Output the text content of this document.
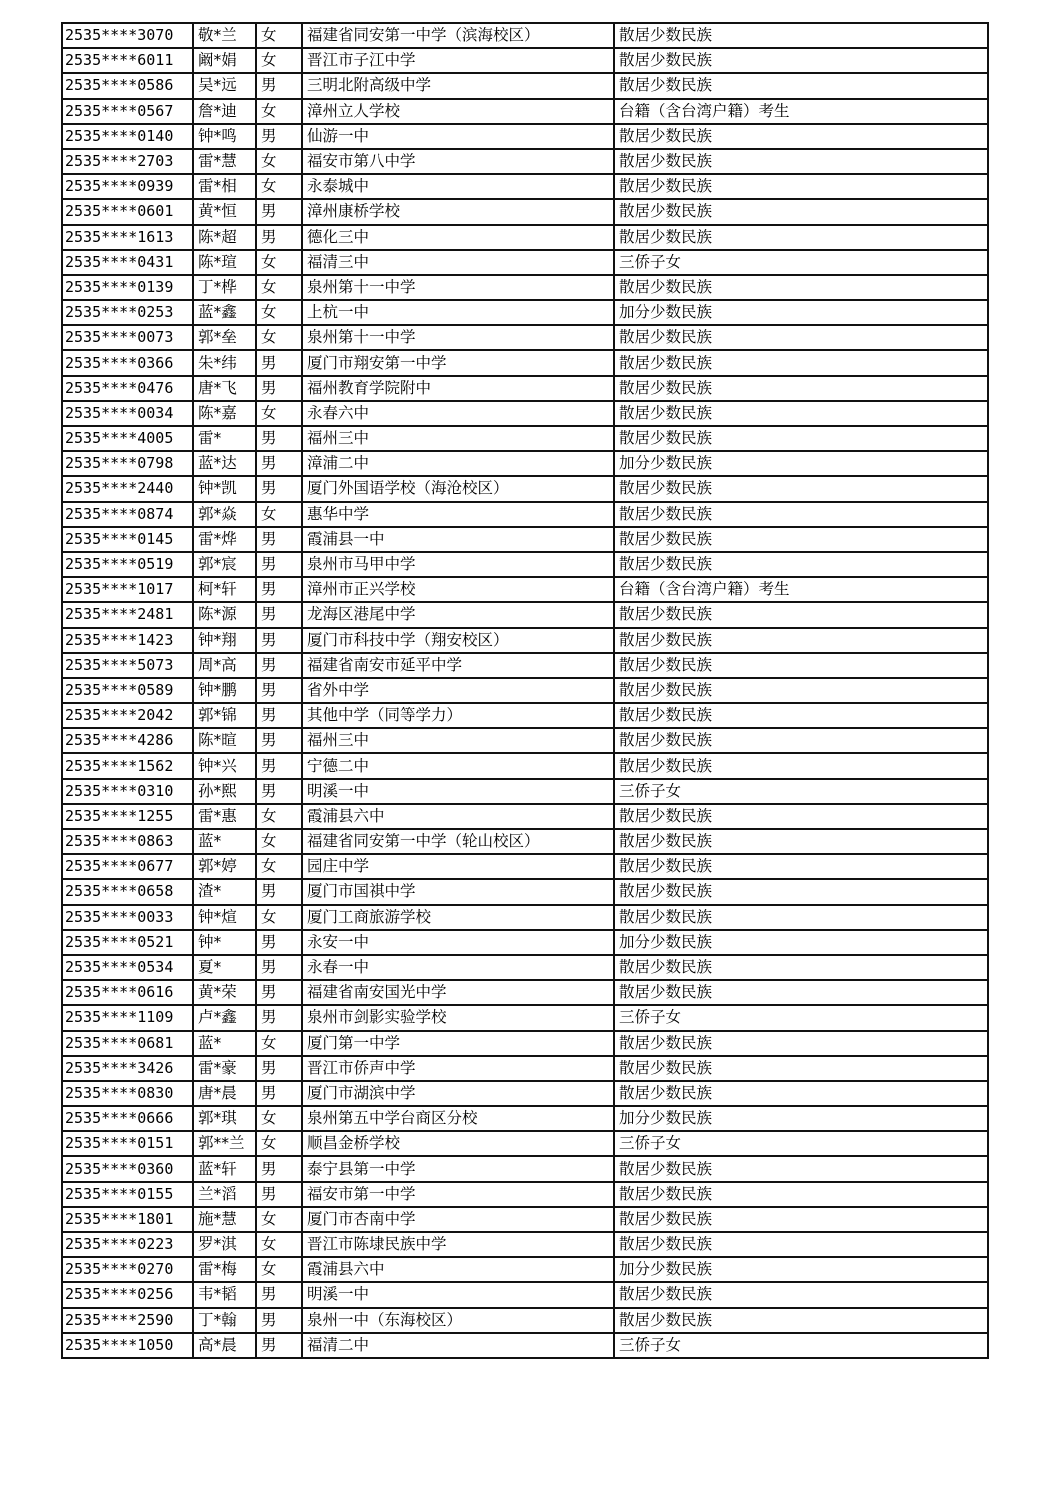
2535****3070	敬*兰	女	福建省同安第一中学（滨海校区）	散居少数民族
2535****6011	阚*娟	女	晋江市子江中学	散居少数民族
2535****0586	吴*远	男	三明北附高级中学	散居少数民族
2535****0567	詹*迪	女	漳州立人学校	台籍（含台湾户籍）考生
2535****0140	钟*鸣	男	仙游一中	散居少数民族
2535****2703	雷*慧	女	福安市第八中学	散居少数民族
2535****0939	雷*相	女	永泰城中	散居少数民族
2535****0601	黄*恒	男	漳州康桥学校	散居少数民族
2535****1613	陈*超	男	德化三中	散居少数民族
2535****0431	陈*瑄	女	福清三中	三侨子女
2535****0139	丁*桦	女	泉州第十一中学	散居少数民族
2535****0253	蓝*鑫	女	上杭一中	加分少数民族
2535****0073	郭*垒	女	泉州第十一中学	散居少数民族
2535****0366	朱*纬	男	厦门市翔安第一中学	散居少数民族
2535****0476	唐*飞	男	福州教育学院附中	散居少数民族
2535****0034	陈*嘉	女	永春六中	散居少数民族
2535****4005	雷*	男	福州三中	散居少数民族
2535****0798	蓝*达	男	漳浦二中	加分少数民族
2535****2440	钟*凯	男	厦门外国语学校（海沧校区）	散居少数民族
2535****0874	郭*焱	女	惠华中学	散居少数民族
2535****0145	雷*烨	男	霞浦县一中	散居少数民族
2535****0519	郭*宸	男	泉州市马甲中学	散居少数民族
2535****1017	柯*轩	男	漳州市正兴学校	台籍（含台湾户籍）考生
2535****2481	陈*源	男	龙海区港尾中学	散居少数民族
2535****1423	钟*翔	男	厦门市科技中学（翔安校区）	散居少数民族
2535****5073	周*高	男	福建省南安市延平中学	散居少数民族
2535****0589	钟*鹏	男	省外中学	散居少数民族
2535****2042	郭*锦	男	其他中学（同等学力）	散居少数民族
2535****4286	陈*暄	男	福州三中	散居少数民族
2535****1562	钟*兴	男	宁德二中	散居少数民族
2535****0310	孙*熙	男	明溪一中	三侨子女
2535****1255	雷*惠	女	霞浦县六中	散居少数民族
2535****0863	蓝*	女	福建省同安第一中学（轮山校区）	散居少数民族
2535****0677	郭*婷	女	园庄中学	散居少数民族
2535****0658	渣*	男	厦门市国祺中学	散居少数民族
2535****0033	钟*煊	女	厦门工商旅游学校	散居少数民族
2535****0521	钟*	男	永安一中	加分少数民族
2535****0534	夏*	男	永春一中	散居少数民族
2535****0616	黄*荣	男	福建省南安国光中学	散居少数民族
2535****1109	卢*鑫	男	泉州市剑影实验学校	三侨子女
2535****0681	蓝*	女	厦门第一中学	散居少数民族
2535****3426	雷*豪	男	晋江市侨声中学	散居少数民族
2535****0830	唐*晨	男	厦门市湖滨中学	散居少数民族
2535****0666	郭*琪	女	泉州第五中学台商区分校	加分少数民族
2535****0151	郭**兰	女	顺昌金桥学校	三侨子女
2535****0360	蓝*轩	男	泰宁县第一中学	散居少数民族
2535****0155	兰*滔	男	福安市第一中学	散居少数民族
2535****1801	施*慧	女	厦门市杏南中学	散居少数民族
2535****0223	罗*淇	女	晋江市陈埭民族中学	散居少数民族
2535****0270	雷*梅	女	霞浦县六中	加分少数民族
2535****0256	韦*韬	男	明溪一中	散居少数民族
2535****2590	丁*翰	男	泉州一中（东海校区）	散居少数民族
2535****1050	高*晨	男	福清二中	三侨子女
